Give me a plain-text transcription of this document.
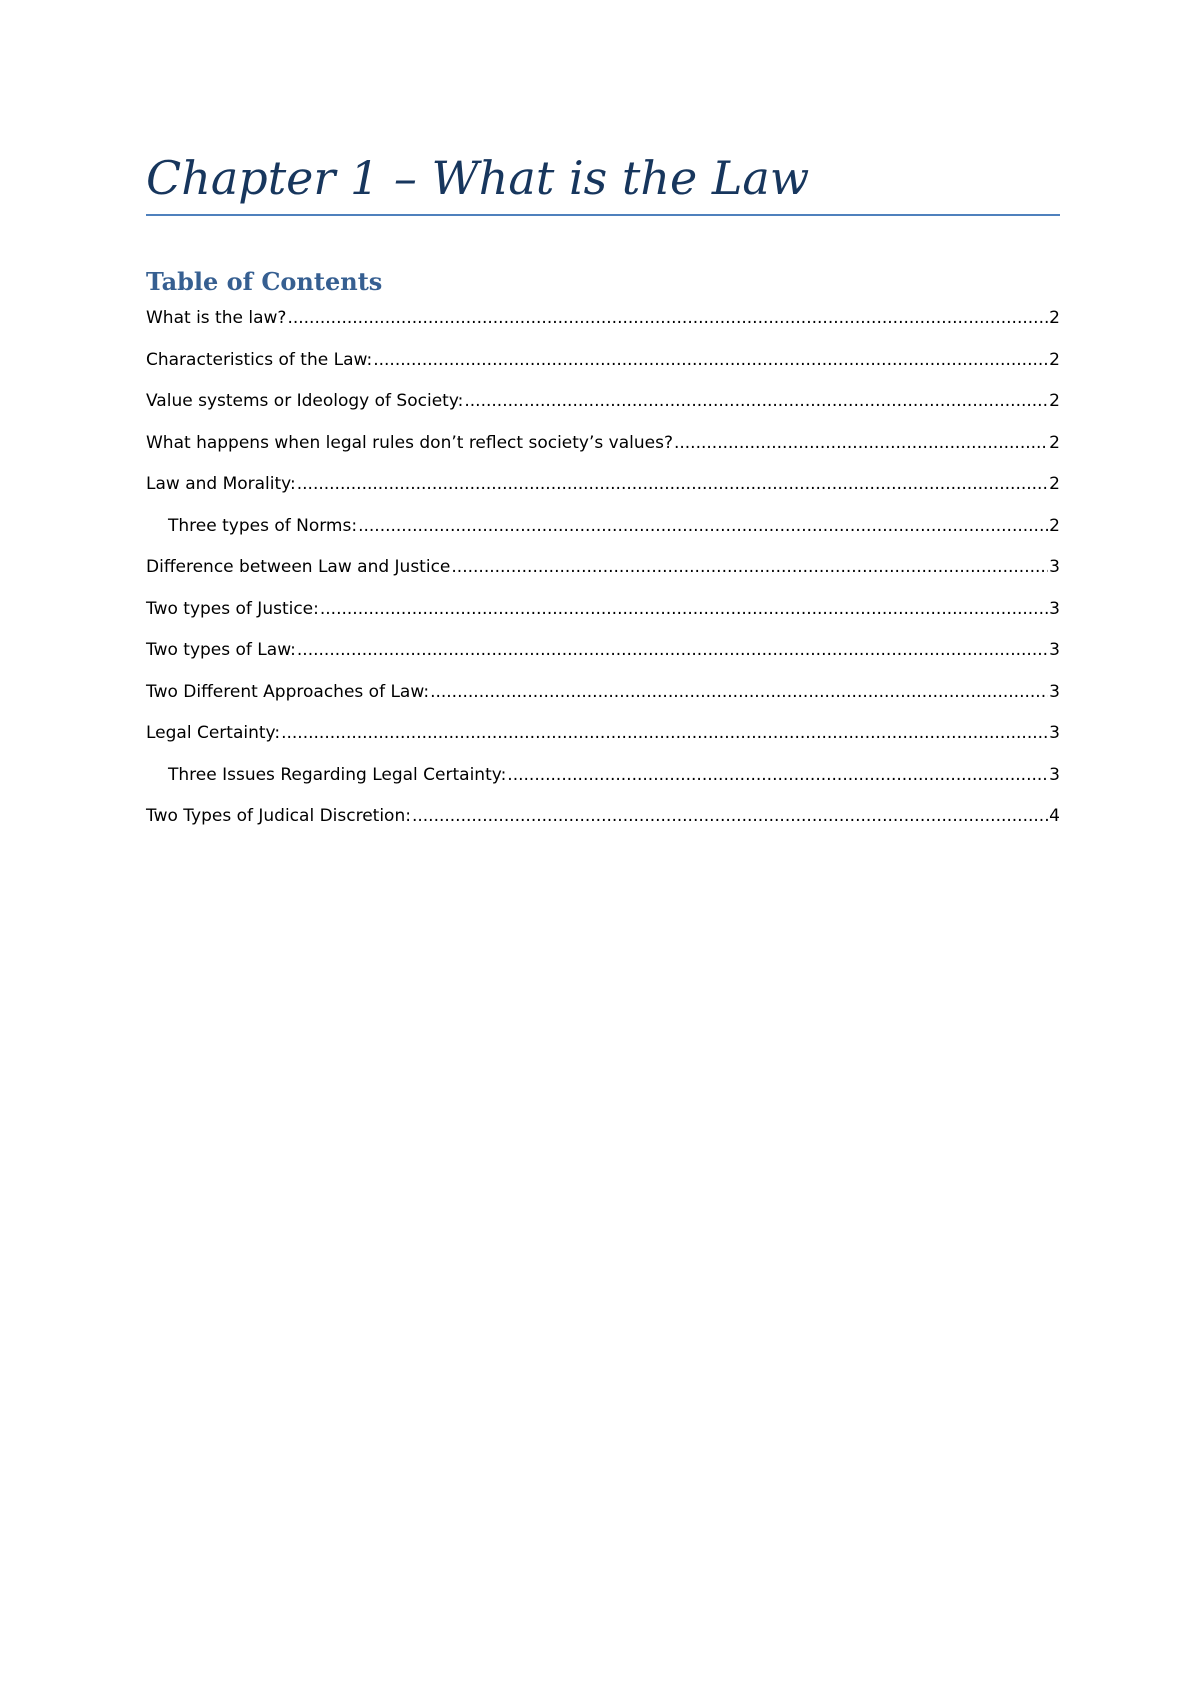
Chapter 1 – What is the Law
Table of Contents
What is the law? .....	2
Characteristics of the Law: .....	2
Value systems or Ideology of Society: .....	2
What happens when legal rules don’t reflect society’s values? .....	2
Law and Morality: .....	2
Three types of Norms: .....	2
Difference between Law and Justice .....	3
Two types of Justice: .....	3
Two types of Law: .....	3
Two Different Approaches of Law: .....	3
Legal Certainty: .....	3
Three Issues Regarding Legal Certainty: .....	3
Two Types of Judical Discretion: .....	4
